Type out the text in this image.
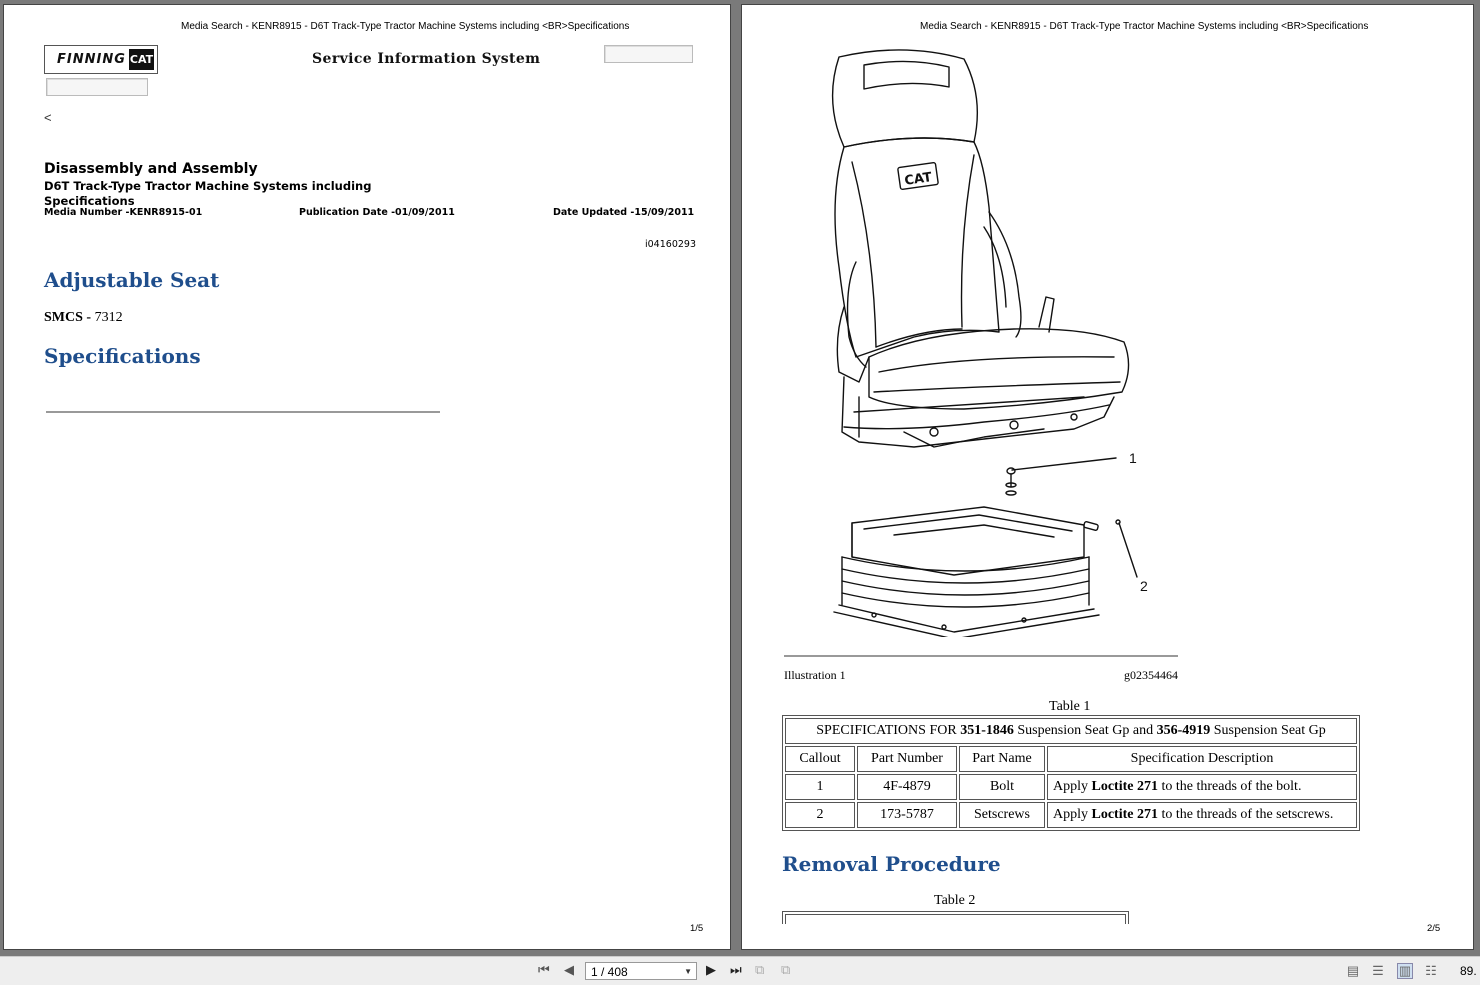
Media Search - KENR8915 - D6T Track-Type Tractor Machine Systems including <BR>Specifications
FINNING CAT	Service Information System
<
Disassembly and Assembly
D6T Track-Type Tractor Machine Systems including Specifications
Media Number -KENR8915-01	Publication Date -01/09/2011	Date Updated -15/09/2011
i04160293
Adjustable Seat
SMCS - 7312
Specifications
1/5
Media Search - KENR8915 - D6T Track-Type Tractor Machine Systems including <BR>Specifications
CAT
1
2
Illustration 1	g02354464
Table 1
SPECIFICATIONS FOR 351-1846 Suspension Seat Gp and 356-4919 Suspension Seat Gp			
Callout	Part Number	Part Name	Specification Description
1	4F-4879	Bolt	Apply Loctite 271 to the threads of the bolt.
2	173-5787	Setscrews	Apply Loctite 271 to the threads of the setscrews.
Removal Procedure
Table 2
2/5
⏮ ◀	1 / 408	▼ ▶ ⏭ ⧉ ⧉	▤ ☰ ▥ ☷ 89.
